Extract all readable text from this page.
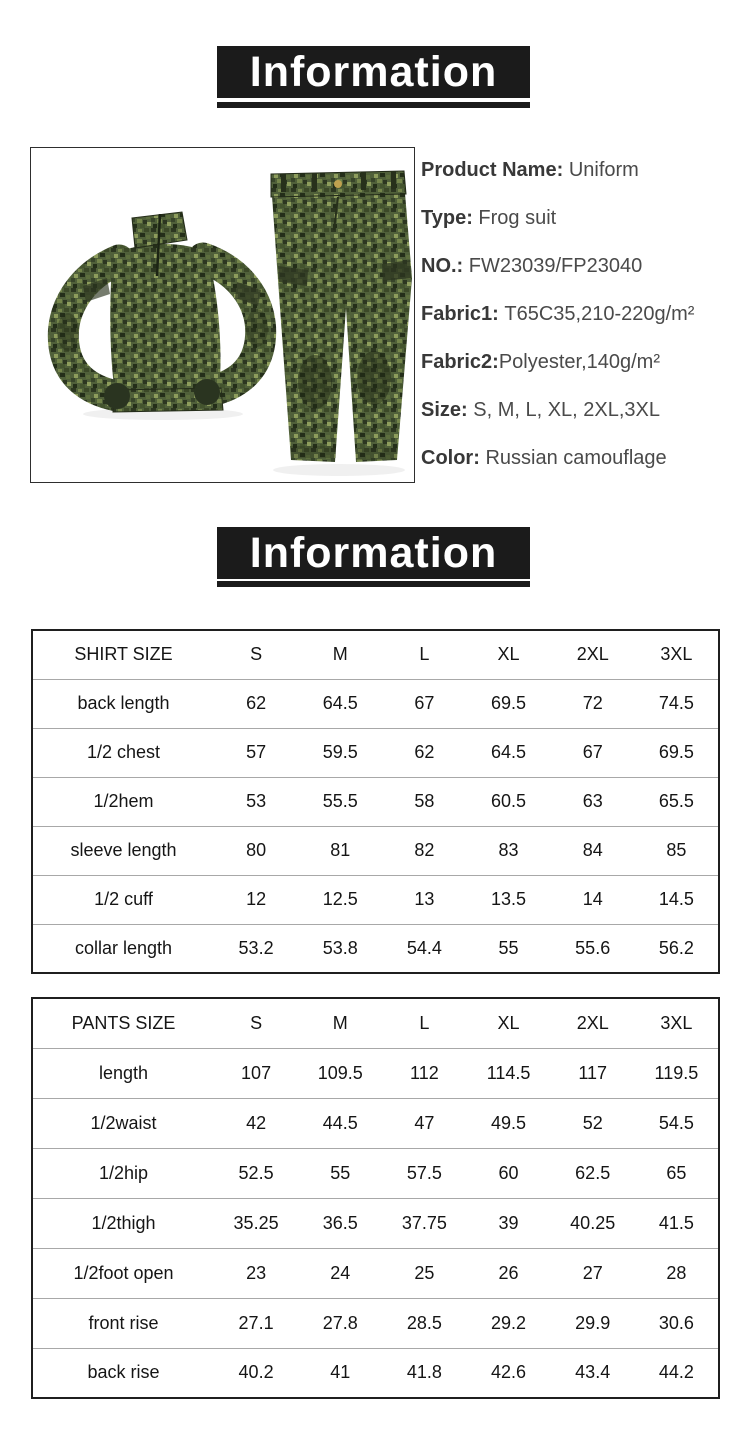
Information
Product Name: Uniform
Type: Frog suit
NO.: FW23039/FP23040
Fabric1: T65C35,210-220g/m²
Fabric2: Polyester,140g/m²
Size: S, M, L, XL, 2XL,3XL
Color: Russian camouflage
Information
SHIRT SIZE	S	M	L	XL	2XL	3XL
back length	62	64.5	67	69.5	72	74.5
1/2 chest	57	59.5	62	64.5	67	69.5
1/2hem	53	55.5	58	60.5	63	65.5
sleeve length	80	81	82	83	84	85
1/2 cuff	12	12.5	13	13.5	14	14.5
collar length	53.2	53.8	54.4	55	55.6	56.2
PANTS SIZE	S	M	L	XL	2XL	3XL
length	107	109.5	112	114.5	117	119.5
1/2waist	42	44.5	47	49.5	52	54.5
1/2hip	52.5	55	57.5	60	62.5	65
1/2thigh	35.25	36.5	37.75	39	40.25	41.5
1/2foot open	23	24	25	26	27	28
front rise	27.1	27.8	28.5	29.2	29.9	30.6
back rise	40.2	41	41.8	42.6	43.4	44.2
